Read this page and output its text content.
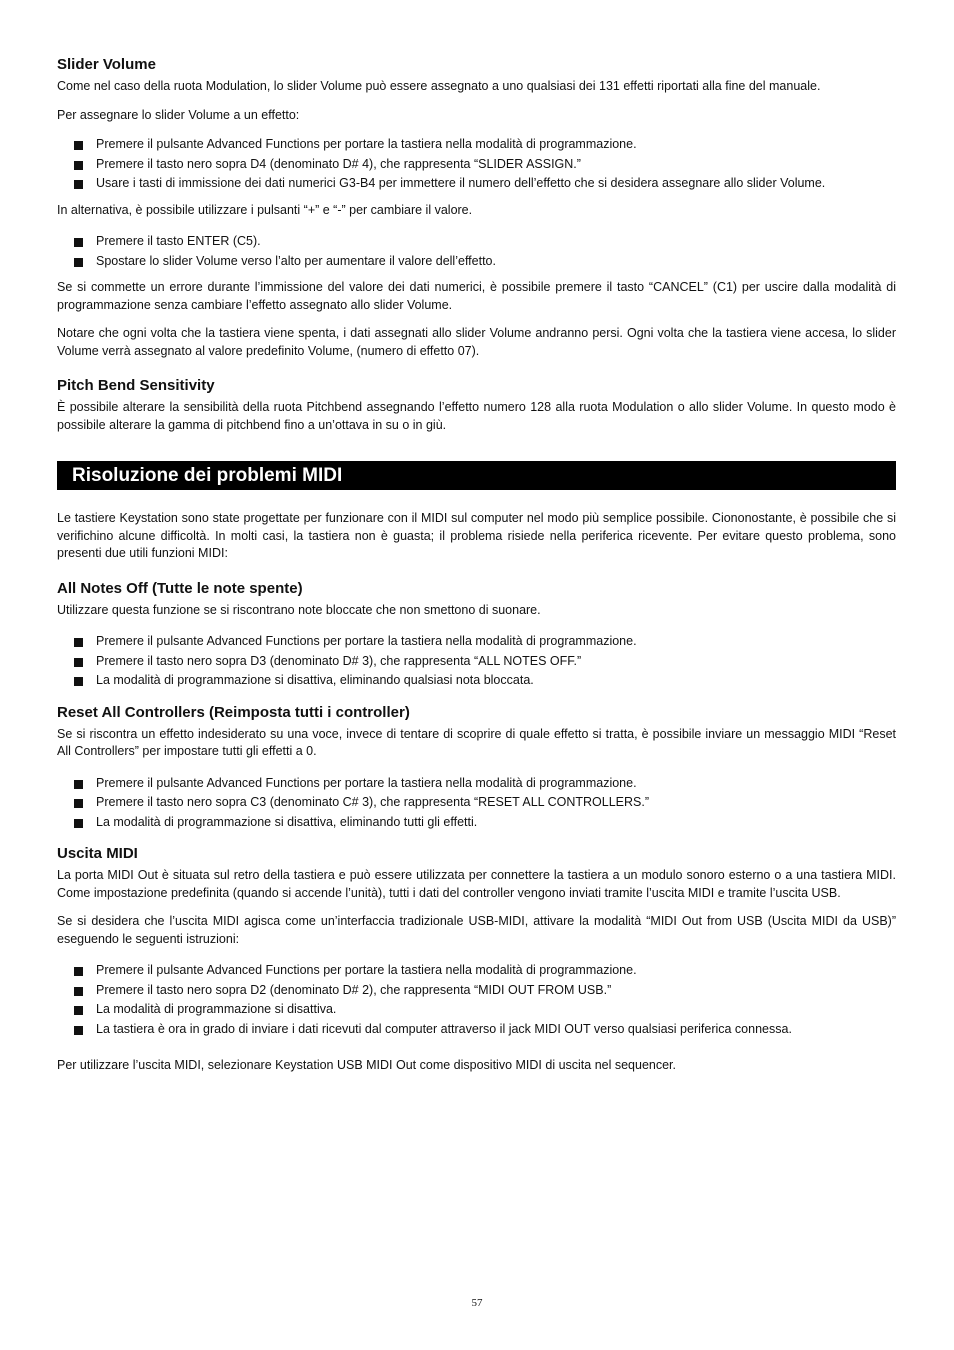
Slider Volume

Come nel caso della ruota Modulation, lo slider Volume può essere assegnato a uno qualsiasi dei 131 effetti riportati alla fine del manuale.

Per assegnare lo slider Volume a un effetto:

Premere il pulsante Advanced Functions per portare la tastiera nella modalità di programmazione.
Premere il tasto nero sopra D4 (denominato D# 4), che rappresenta “SLIDER ASSIGN.”
Usare i tasti di immissione dei dati numerici G3-B4 per immettere il numero dell’effetto che si desidera assegnare allo slider Volume.

In alternativa, è possibile utilizzare i pulsanti “+” e “-” per cambiare il valore.

Premere il tasto ENTER (C5).
Spostare lo slider Volume verso l’alto per aumentare il valore dell’effetto.

Se si commette un errore durante l’immissione del valore dei dati numerici, è possibile premere il tasto “CANCEL” (C1) per uscire dalla modalità di programmazione senza cambiare l’effetto assegnato allo slider Volume.

Notare che ogni volta che la tastiera viene spenta, i dati assegnati allo slider Volume andranno persi. Ogni volta che la tastiera viene accesa, lo slider Volume verrà assegnato al valore predefinito Volume, (numero di effetto 07).

Pitch Bend Sensitivity

È possibile alterare la sensibilità della ruota Pitchbend assegnando l’effetto numero 128 alla ruota Modulation o allo slider Volume. In questo modo è possibile alterare la gamma di pitchbend fino a un’ottava in su o in giù.

Risoluzione dei problemi MIDI

Le tastiere Keystation sono state progettate per funzionare con il MIDI sul computer nel modo più semplice possibile. Ciononostante, è possibile che si verifichino alcune difficoltà. In molti casi, la tastiera non è guasta; il problema risiede nella periferica ricevente. Per evitare questo problema, sono presenti due utili funzioni MIDI:

All Notes Off (Tutte le note spente)

Utilizzare questa funzione se si riscontrano note bloccate che non smettono di suonare.

Premere il pulsante Advanced Functions per portare la tastiera nella modalità di programmazione.
Premere il tasto nero sopra D3 (denominato D# 3), che rappresenta “ALL NOTES OFF.”
La modalità di programmazione si disattiva, eliminando qualsiasi nota bloccata.
Reset All Controllers (Reimposta tutti i controller)

Se si riscontra un effetto indesiderato su una voce, invece di tentare di scoprire di quale effetto si tratta, è possibile inviare un messaggio MIDI “Reset All Controllers” per impostare tutti gli effetti a 0.

Premere il pulsante Advanced Functions per portare la tastiera nella modalità di programmazione.
Premere il tasto nero sopra C3 (denominato C# 3), che rappresenta “RESET ALL CONTROLLERS.”
La modalità di programmazione si disattiva, eliminando tutti gli effetti.
Uscita MIDI

La porta MIDI Out è situata sul retro della tastiera e può essere utilizzata per connettere la tastiera a un modulo sonoro esterno o a una tastiera MIDI. Come impostazione predefinita (quando si accende l’unità), tutti i dati del controller vengono inviati tramite l’uscita MIDI e tramite l’uscita USB.

Se si desidera che l’uscita MIDI agisca come un’interfaccia tradizionale USB-MIDI, attivare la modalità “MIDI Out from USB (Uscita MIDI da USB)” eseguendo le seguenti istruzioni:

Premere il pulsante Advanced Functions per portare la tastiera nella modalità di programmazione.
Premere il tasto nero sopra D2 (denominato D# 2), che rappresenta “MIDI OUT FROM USB.”
La modalità di programmazione si disattiva.
La tastiera è ora in grado di inviare i dati ricevuti dal computer attraverso il jack MIDI OUT verso qualsiasi periferica connessa.

Per utilizzare l’uscita MIDI, selezionare Keystation USB MIDI Out come dispositivo MIDI di uscita nel sequencer.

57
